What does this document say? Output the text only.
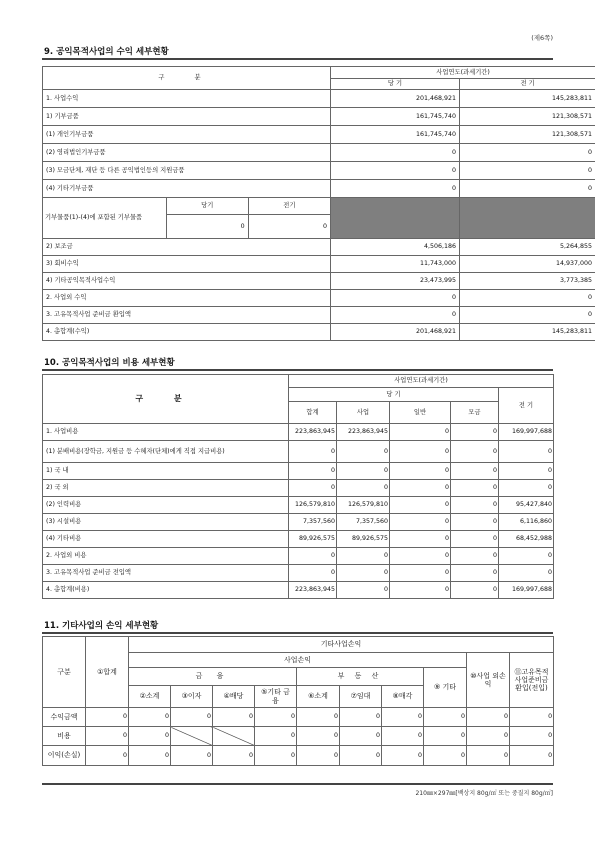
(제6쪽)
9. 공익목적사업의 수익 세부현황
구 분	사업연도(과세기간)
당 기	전 기
1. 사업수익	201,468,921	145,283,811
1) 기부금품	161,745,740	121,308,571
(1) 개인기부금품	161,745,740	121,308,571
(2) 영리법인기부금품	0	0
(3) 모금단체, 재단 등 다른 공익법인등의 지원금품	0	0
(4) 기타기부금품	0	0

기부물품(1)-(4)에 포함된 기부물품	당기	전기
0	0

2) 보조금	4,506,186	5,264,855
3) 회비수익	11,743,000	14,937,000
4) 기타공익목적사업수익	23,473,995	3,773,385
2. 사업외 수익	0	0
3. 고유목적사업 준비금 환입액	0	0
4. 총합계(수익)	201,468,921	145,283,811
10. 공익목적사업의 비용 세부현황
구 분	사업연도(과세기간)				
	당 기				전 기
	합계	사업	일반	모금	
1. 사업비용	223,863,945	223,863,945	0	0	169,997,688
(1) 분배비용(장학금, 지원금 등 수혜자(단체)에게 직접 지급비용)	0	0	0	0	0
1) 국 내	0	0	0	0	0
2) 국 외	0	0	0	0	0
(2) 인력비용	126,579,810	126,579,810	0	0	95,427,840
(3) 시설비용	7,357,560	7,357,560	0	0	6,116,860
(4) 기타비용	89,926,575	89,926,575	0	0	68,452,988
2. 사업외 비용	0	0	0	0	0
3. 고유목적사업 준비금 전입액	0	0	0	0	0
4. 총합계(비용)	223,863,945	0	0	0	169,997,688
11. 기타사업의 손익 세부현황
구분	①합계	기타사업손익									
		사업손익								⑩사업 외손익	⑪고유목적사업준비금환입(전입)
		금 융				부 동 산			⑨ 기타		
		②소계	③이자	④배당	⑤기타 금융	⑥소계	⑦임대	⑧매각			
수익금액	0	0	0	0	0	0	0	0	0	0	0
비용	0	0			0	0	0	0	0	0	0
이익(손실)	0	0	0	0	0	0	0	0	0	0	0
210㎜×297㎜[백상지 80g/㎡ 또는 중질지 80g/㎡]
